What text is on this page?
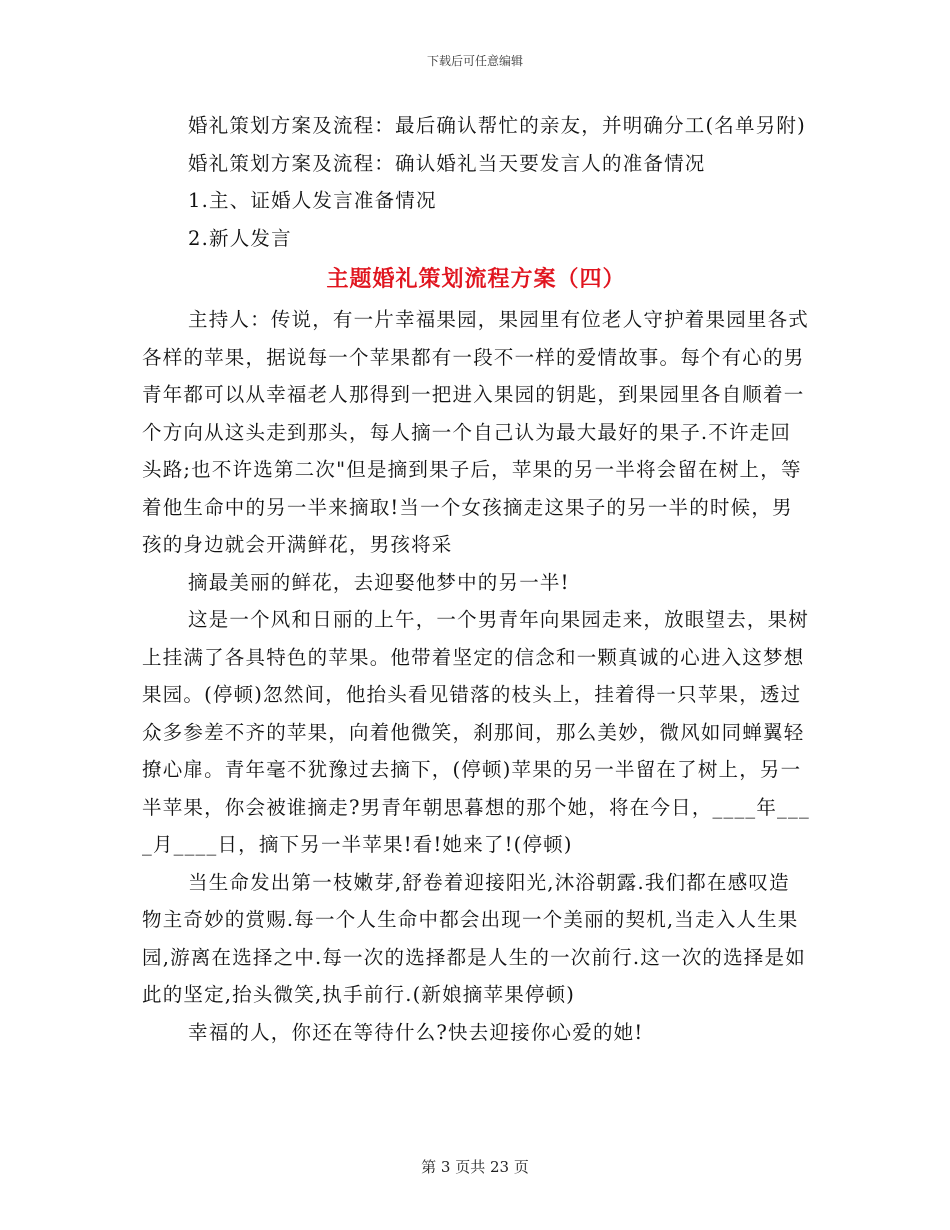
下载后可任意编辑

婚礼策划方案及流程：最后确认帮忙的亲友，并明确分工(名单另附)

婚礼策划方案及流程：确认婚礼当天要发言人的准备情况

1.主、证婚人发言准备情况

2.新人发言

主题婚礼策划流程方案（四）

主持人：传说，有一片幸福果园，果园里有位老人守护着果园里各式各样的苹果，据说每一个苹果都有一段不一样的爱情故事。每个有心的男青年都可以从幸福老人那得到一把进入果园的钥匙，到果园里各自顺着一个方向从这头走到那头，每人摘一个自己认为最大最好的果子.不许走回头路;也不许选第二次"但是摘到果子后，苹果的另一半将会留在树上，等着他生命中的另一半来摘取!当一个女孩摘走这果子的另一半的时候，男孩的身边就会开满鲜花，男孩将采

摘最美丽的鲜花，去迎娶他梦中的另一半!

这是一个风和日丽的上午，一个男青年向果园走来，放眼望去，果树上挂满了各具特色的苹果。他带着坚定的信念和一颗真诚的心进入这梦想果园。(停顿)忽然间，他抬头看见错落的枝头上，挂着得一只苹果，透过众多参差不齐的苹果，向着他微笑，刹那间，那么美妙，微风如同蝉翼轻撩心扉。青年毫不犹豫过去摘下，(停顿)苹果的另一半留在了树上，另一半苹果，你会被谁摘走?男青年朝思暮想的那个她，将在今日，____年____月____日，摘下另一半苹果!看!她来了!(停顿)

当生命发出第一枝嫩芽,舒卷着迎接阳光,沐浴朝露.我们都在感叹造物主奇妙的赏赐.每一个人生命中都会出现一个美丽的契机,当走入人生果园,游离在选择之中.每一次的选择都是人生的一次前行.这一次的选择是如此的坚定,抬头微笑,执手前行.(新娘摘苹果停顿)

幸福的人，你还在等待什么?快去迎接你心爱的她!

第 3 页共 23 页
